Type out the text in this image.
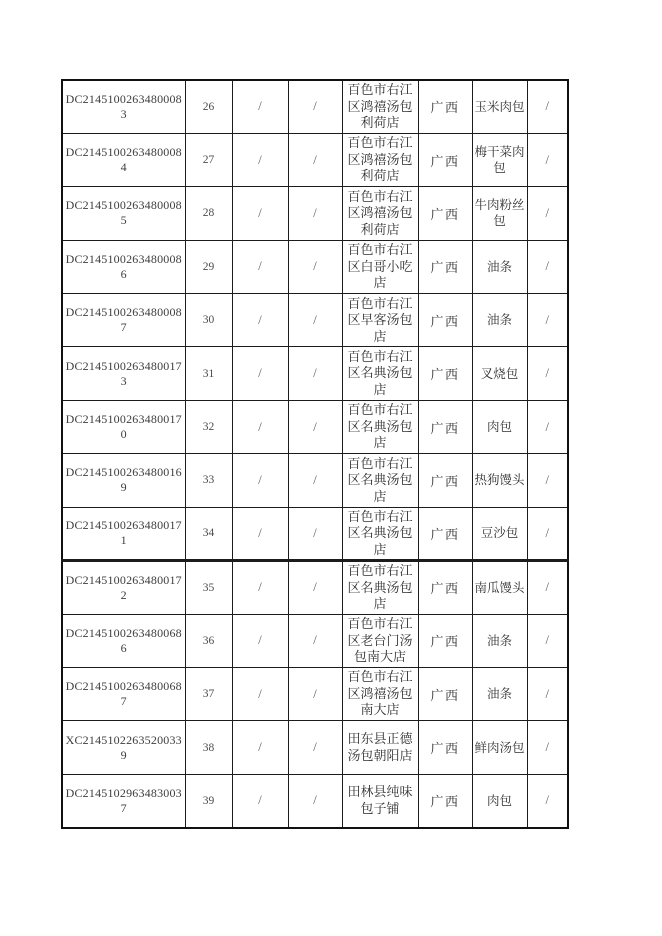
DC21451002634800083	26	/	/	百色市右江区鸿禧汤包利荷店	广西	玉米肉包	/
DC21451002634800084	27	/	/	百色市右江区鸿禧汤包利荷店	广西	梅干菜肉包	/
DC21451002634800085	28	/	/	百色市右江区鸿禧汤包利荷店	广西	牛肉粉丝包	/
DC21451002634800086	29	/	/	百色市右江区白哥小吃店	广西	油条	/
DC21451002634800087	30	/	/	百色市右江区早客汤包店	广西	油条	/
DC21451002634800173	31	/	/	百色市右江区名典汤包店	广西	叉烧包	/
DC21451002634800170	32	/	/	百色市右江区名典汤包店	广西	肉包	/
DC21451002634800169	33	/	/	百色市右江区名典汤包店	广西	热狗馒头	/
DC21451002634800171	34	/	/	百色市右江区名典汤包店	广西	豆沙包	/
DC21451002634800172	35	/	/	百色市右江区名典汤包店	广西	南瓜馒头	/
DC21451002634800686	36	/	/	百色市右江区老台门汤包南大店	广西	油条	/
DC21451002634800687	37	/	/	百色市右江区鸿禧汤包南大店	广西	油条	/
XC21451022635200339	38	/	/	田东县正德汤包朝阳店	广西	鲜肉汤包	/
DC21451029634830037	39	/	/	田林县纯味包子铺	广西	肉包	/
